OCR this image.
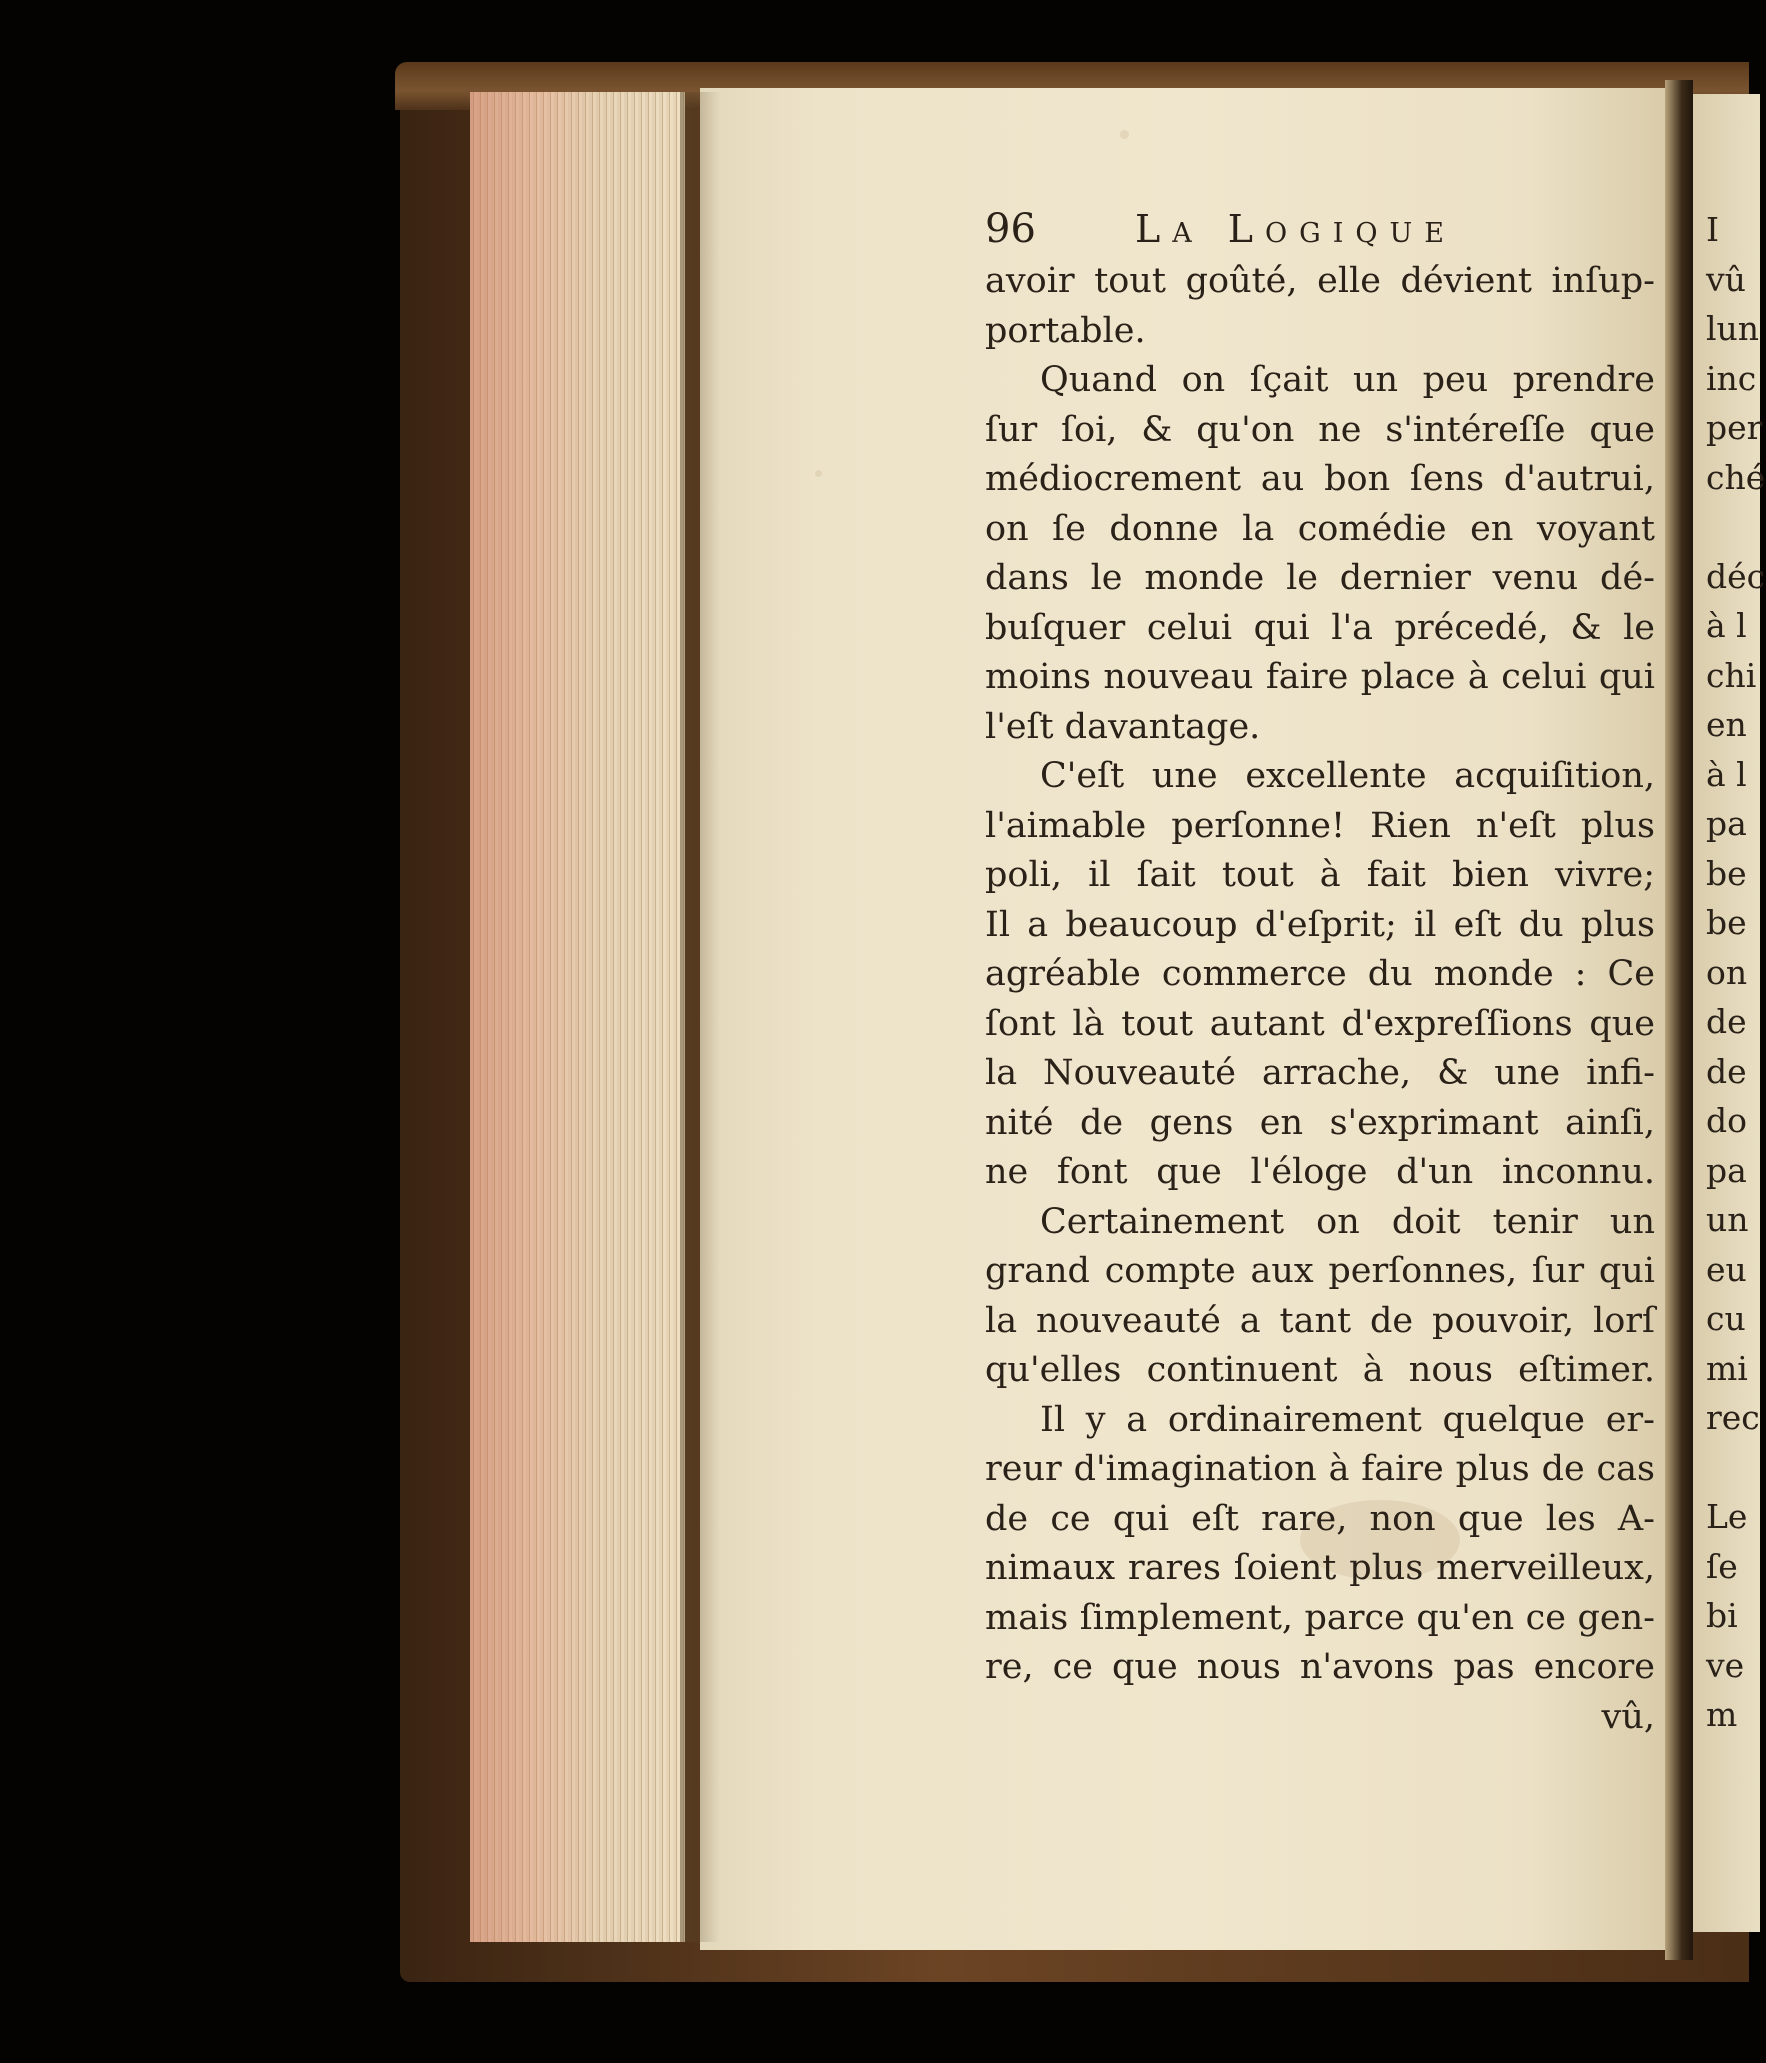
96	La Logique
avoir tout goûté, elle dévient inſup-
portable.
Quand on ſçait un peu prendre
ſur ſoi, & qu'on ne s'intéreſſe que
médiocrement au bon ſens d'autrui,
on ſe donne la comédie en voyant
dans le monde le dernier venu dé-
buſquer celui qui l'a précedé, & le
moins nouveau faire place à celui qui
l'eſt davantage.
C'eſt une excellente acquiſition,
l'aimable perſonne! Rien n'eſt plus
poli, il ſait tout à fait bien vivre;
Il a beaucoup d'eſprit; il eſt du plus
agréable commerce du monde : Ce
ſont là tout autant d'expreſſions que
la Nouveauté arrache, & une infi-
nité de gens en s'exprimant ainſi,
ne font que l'éloge d'un inconnu.
Certainement on doit tenir un
grand compte aux perſonnes, ſur qui
la nouveauté a tant de pouvoir, lorſ
qu'elles continuent à nous eſtimer.
Il y a ordinairement quelque er-
reur d'imagination à faire plus de cas
de ce qui eſt rare, non que les A-
nimaux rares ſoient plus merveilleux,
mais ſimplement, parce qu'en ce gen-
re, ce que nous n'avons pas encore
vû,
I
vû
lun
inc
per
ché
déc
à l
chi
en
à l
pa
be
be
on
de
de
do
pa
un
eu
cu
mi
rec
Le
ſe
bi
ve
m
